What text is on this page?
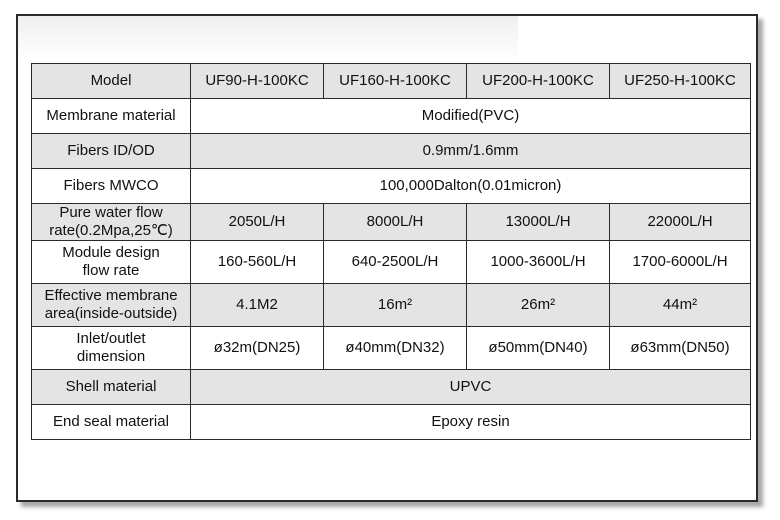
Model	UF90-H-100KC	UF160-H-100KC	UF200-H-100KC	UF250-H-100KC
Membrane material	Modified(PVC)			
Fibers ID/OD	0.9mm/1.6mm			
Fibers MWCO	100,000Dalton(0.01micron)			
Pure water flow
rate(0.2Mpa,25℃)	2050L/H	8000L/H	13000L/H	22000L/H
Module design
flow rate	160-560L/H	640-2500L/H	1000-3600L/H	1700-6000L/H
Effective membrane
area(inside-outside)	4.1M2	16m²	26m²	44m²
Inlet/outlet
dimension	ø32m(DN25)	ø40mm(DN32)	ø50mm(DN40)	ø63mm(DN50)
Shell material	UPVC			
End seal material	Epoxy resin			
